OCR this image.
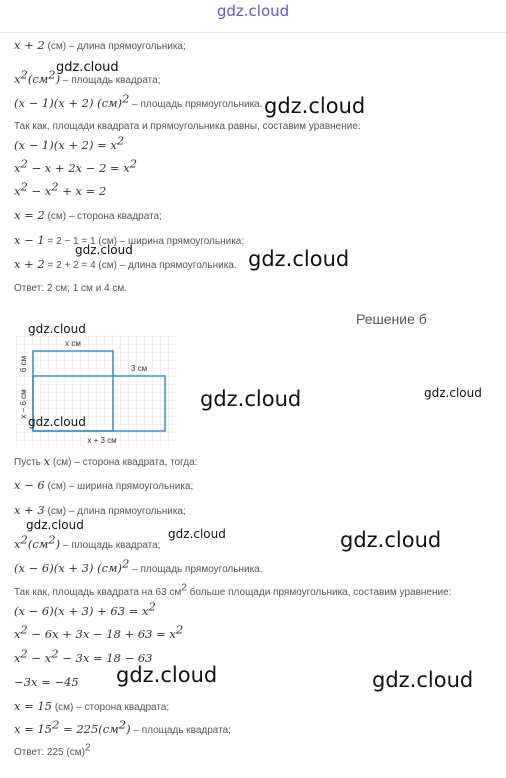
gdz.cloud
x + 2 (см) – длина прямоугольника;
$x^2(см^2)$ – площадь квадрата;
(x − 1)(x + 2) (см)$^2$ – площадь прямоугольника.
Так как, площади квадрата и прямоугольника равны, составим уравнение:
$(x - 1)(x + 2) = x^2$
$x^2 - x + 2x - 2 = x^2$
$x^2 - x^2 + x = 2$
x = 2 (см) – сторона квадрата;
x − 1 = 2 − 1 = 1 (см) – ширина прямоугольника;
x + 2 = 2 + 2 = 4 (см) – длина прямоугольника.
Ответ: 2 см; 1 см и 4 см.
Решение б
х см
3 см
x + 3 см
6 см
x − 6 см
Пусть x (см) – сторона квадрата, тогда:
x − 6 (см) – ширина прямоугольника;
x + 3 (см) – длина прямоугольника;
$x^2(см^2)$ – площадь квадрата;
(x − 6)(x + 3) (см)$^2$ – площадь прямоугольника.
Так как, площадь квадрата на 63 $см^2$ больше площади прямоугольника, составим уравнение:
$(x - 6)(x + 3) + 63 = x^2$
$x^2 - 6x + 3x - 18 + 63 = x^2$
$x^2 - x^2 - 3x = 18 - 63$
−3x = −45
x = 15 (см) – сторона квадрата;
$x = 15^2 = 225(см^2)$ – площадь квадрата;
Ответ: 225 (см)$^2$
gdz.cloud
gdz.cloud
gdz.cloud	gdz.cloud
gdz.cloud
gdz.cloud	gdz.cloud
gdz.cloud
gdz.cloud
gdz.cloud	gdz.cloud
gdz.cloud	gdz.cloud
